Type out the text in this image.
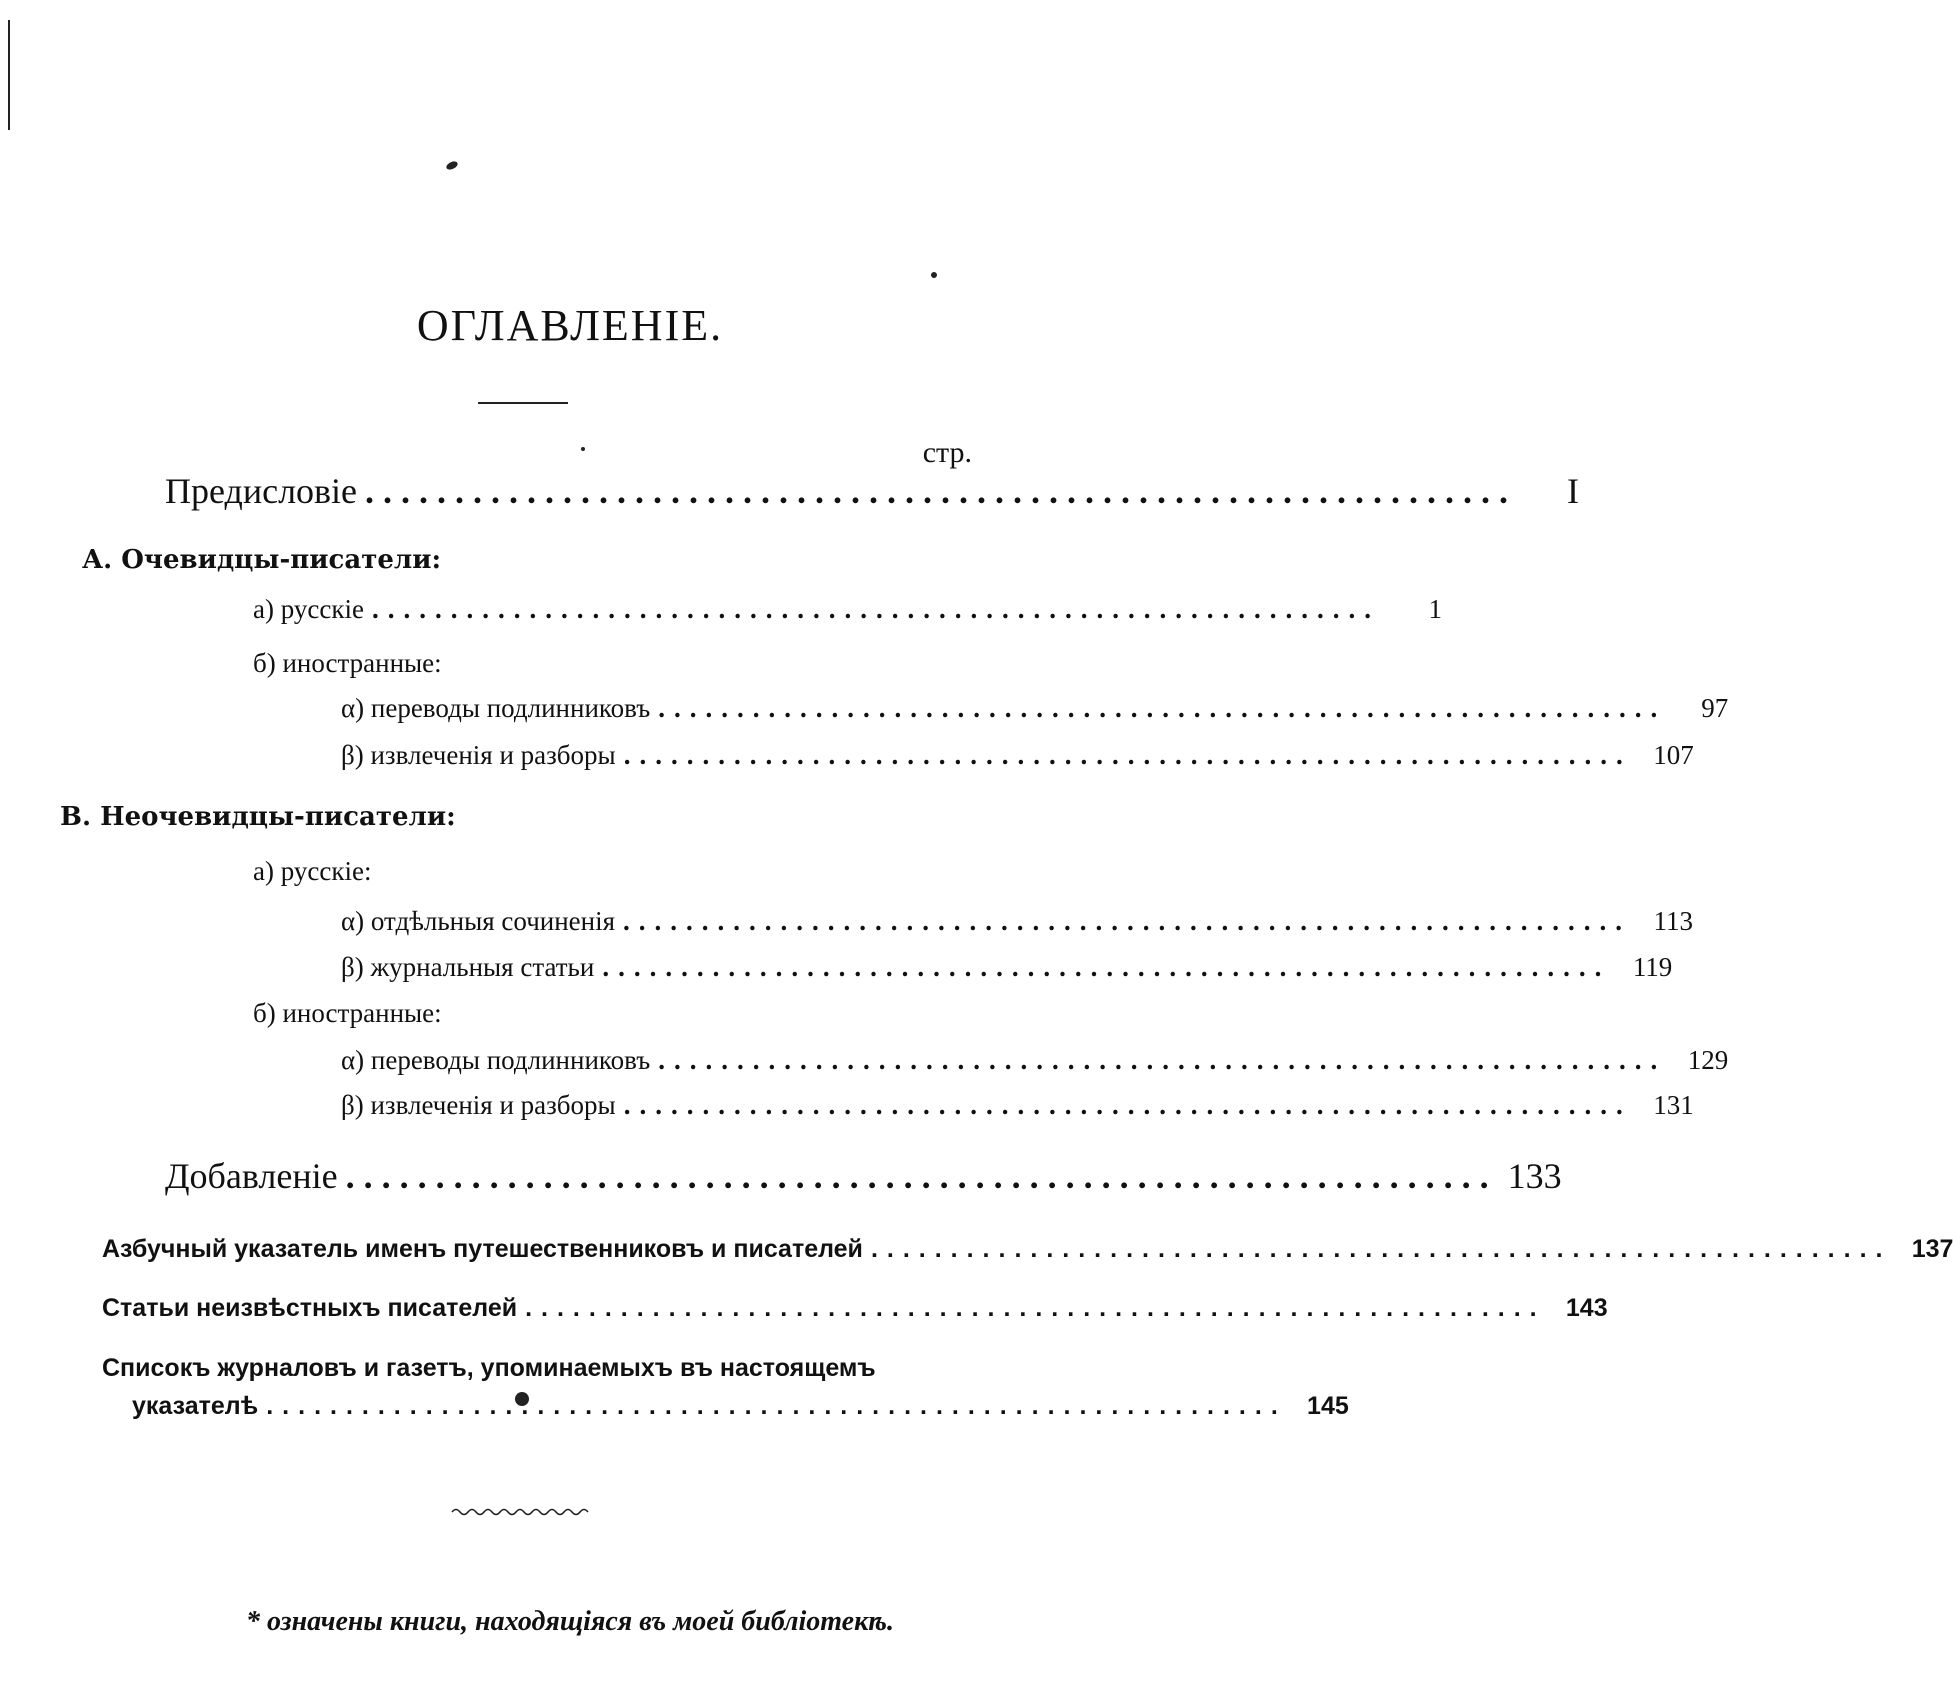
ОГЛАВЛЕНІЕ.
стр.
Предисловіе ................................................................	I
А. Очевидцы-писатели:
а) русскіе ................................................................	1
б) иностранные:
α) переводы подлинниковъ ................................................................	97
β) извлеченія и разборы ................................................................ 107
В. Неочевидцы-писатели:
а) русскіе:
α) отдѣльныя сочиненія ................................................................ 113
β) журнальныя статьи ................................................................ 119
б) иностранные:
α) переводы подлинниковъ ................................................................ 129
β) извлеченія и разборы ................................................................ 131
Добавленіе ................................................................ 133
Азбучный указатель именъ путешественниковъ и писателей ................................................................ 137
Статьи неизвѣстныхъ писателей ................................................................ 143
Списокъ журналовъ и газетъ, упоминаемыхъ въ настоящемъ
указателѣ ................................................................ 145
* означены книги, находящіяся въ моей библіотекѣ.
